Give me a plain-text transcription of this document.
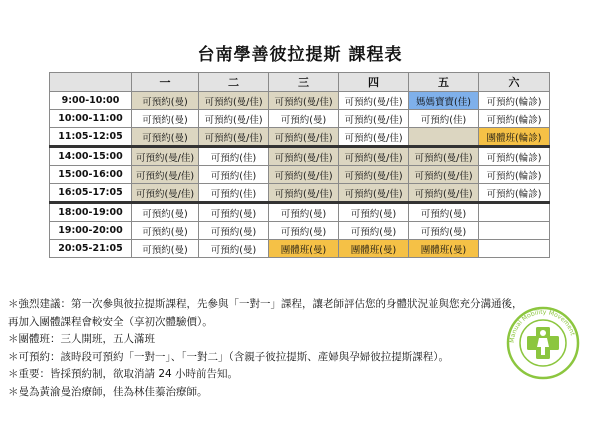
台南學善彼拉提斯 課程表
	一	二	三	四	五	六
9:00-10:00	可預約(曼)	可預約(曼/佳)	可預約(曼/佳)	可預約(曼/佳)	媽媽寶寶(佳)	可預約(輪診)
10:00-11:00	可預約(曼)	可預約(曼/佳)	可預約(曼)	可預約(曼/佳)	可預約(佳)	可預約(輪診)
11:05-12:05	可預約(曼)	可預約(曼/佳)	可預約(曼/佳)	可預約(曼/佳)		團體班(輪診)
14:00-15:00	可預約(曼/佳)	可預約(佳)	可預約(曼/佳)	可預約(曼/佳)	可預約(曼/佳)	可預約(輪診)
15:00-16:00	可預約(曼/佳)	可預約(佳)	可預約(曼/佳)	可預約(曼/佳)	可預約(曼/佳)	可預約(輪診)
16:05-17:05	可預約(曼/佳)	可預約(佳)	可預約(曼/佳)	可預約(曼/佳)	可預約(曼/佳)	可預約(輪診)
18:00-19:00	可預約(曼)	可預約(曼)	可預約(曼)	可預約(曼)	可預約(曼)	
19:00-20:00	可預約(曼)	可預約(曼)	可預約(曼)	可預約(曼)	可預約(曼)	
20:05-21:05	可預約(曼)	可預約(曼)	團體班(曼)	團體班(曼)	團體班(曼)	

＊強烈建議：第一次參與彼拉提斯課程，先參與「一對一」課程，讓老師評估您的身體狀況並與您充分溝通後，

再加入團體課程會較安全（享初次體驗價）。

＊團體班：三人開班，五人滿班

＊可預約：該時段可預約「一對一」、「一對二」（含親子彼拉提斯、產婦與孕婦彼拉提斯課程）。

＊重要：皆採預約制，欲取消請 24 小時前告知。

＊曼為黃渝曼治療師，佳為林佳蓁治療師。

Manual Mobility Movement
